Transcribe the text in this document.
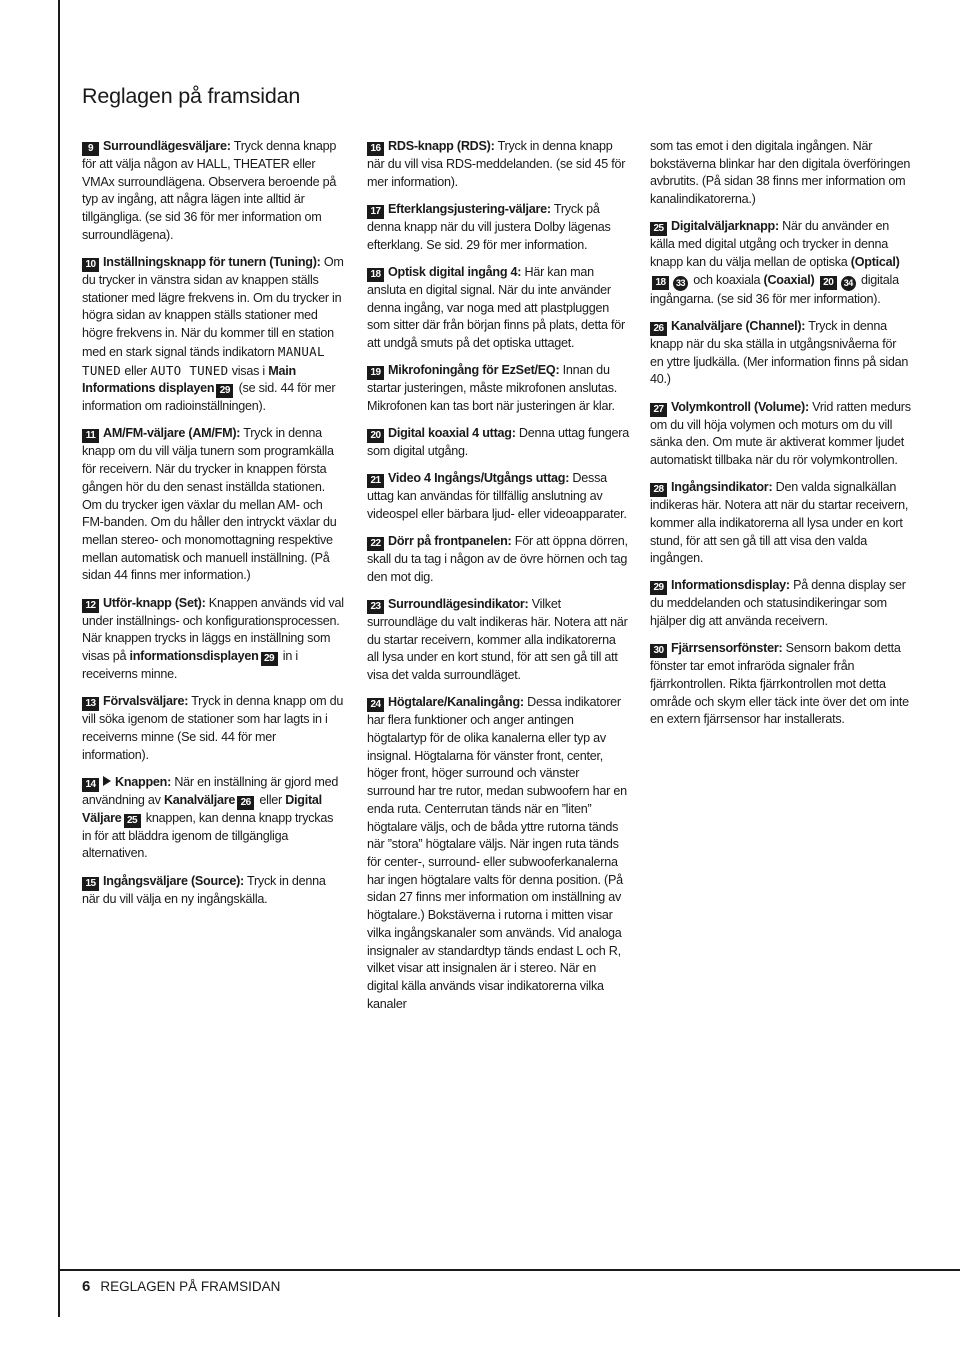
Reglagen på framsidan

9 Surroundlägesväljare: Tryck denna knapp för att välja någon av HALL, THEATER eller VMAx surroundlägena. Observera beroende på typ av ingång, att några lägen inte alltid är tillgängliga. (se sid 36 för mer information om surroundlägena).

10 Inställningsknapp för tunern (Tuning): Om du trycker in vänstra sidan av knappen ställs stationer med lägre frekvens in. Om du trycker in högra sidan av knappen ställs stationer med högre frekvens in. När du kommer till en station med en stark signal tänds indikatorn MANUAL TUNED eller AUTO TUNED visas i Main Informations displayen 29 (se sid. 44 för mer information om radioinställningen).

11 AM/FM-väljare (AM/FM): Tryck in denna knapp om du vill välja tunern som programkälla för receivern. När du trycker in knappen första gången hör du den senast inställda stationen. Om du trycker igen växlar du mellan AM- och FM-banden. Om du håller den intryckt växlar du mellan stereo- och monomottagning respektive mellan automatisk och manuell inställning. (På sidan 44 finns mer information.)

12 Utför-knapp (Set): Knappen används vid val under inställnings- och konfigurationsprocessen. När knappen trycks in läggs en inställning som visas på informationsdisplayen 29 in i receiverns minne.

13 Förvalsväljare: Tryck in denna knapp om du vill söka igenom de stationer som har lagts in i receiverns minne (Se sid. 44 för mer information).

14 Knappen: När en inställning är gjord med användning av Kanalväljare 26 eller Digital Väljare 25 knappen, kan denna knapp tryckas in för att bläddra igenom de tillgängliga alternativen.

15 Ingångsväljare (Source): Tryck in denna när du vill välja en ny ingångskälla.

16 RDS-knapp (RDS): Tryck in denna knapp när du vill visa RDS-meddelanden. (se sid 45 för mer information).

17 Efterklangsjustering-väljare: Tryck på denna knapp när du vill justera Dolby lägenas efterklang. Se sid. 29 för mer information.

18 Optisk digital ingång 4: Här kan man ansluta en digital signal. När du inte använder denna ingång, var noga med att plastpluggen som sitter där från början finns på plats, detta för att undgå smuts på det optiska uttaget.

19 Mikrofoningång för EzSet/EQ: Innan du startar justeringen, måste mikrofonen anslutas. Mikrofonen kan tas bort när justeringen är klar.

20 Digital koaxial 4 uttag: Denna uttag fungera som digital utgång.

21 Video 4 Ingångs/Utgångs uttag: Dessa uttag kan användas för tillfällig anslutning av videospel eller bärbara ljud- eller videoapparater.

22 Dörr på frontpanelen: För att öppna dörren, skall du ta tag i någon av de övre hörnen och tag den mot dig.

23 Surroundlägesindikator: Vilket surroundläge du valt indikeras här. Notera att när du startar receivern, kommer alla indikatorerna all lysa under en kort stund, för att sen gå till att visa det valda surroundläget.

24 Högtalare/Kanalingång: Dessa indikatorer har flera funktioner och anger antingen högtalartyp för de olika kanalerna eller typ av insignal. Högtalarna för vänster front, center, höger front, höger surround och vänster surround har tre rutor, medan subwoofern har en enda ruta. Centerrutan tänds när en ”liten” högtalare väljs, och de båda yttre rutorna tänds när ”stora” högtalare väljs. När ingen ruta tänds för center-, surround- eller subwooferkanalerna har ingen högtalare valts för denna position. (På sidan 27 finns mer information om inställning av högtalare.) Bokstäverna i rutorna i mitten visar vilka ingångskanaler som används. Vid analoga insignaler av standardtyp tänds endast L och R, vilket visar att insignalen är i stereo. När en digital källa används visar indikatorerna vilka kanaler

som tas emot i den digitala ingången. När bokstäverna blinkar har den digitala överföringen avbrutits. (På sidan 38 finns mer information om kanalindikatorerna.)

25 Digitalväljarknapp: När du använder en källa med digital utgång och trycker in denna knapp kan du välja mellan de optiska (Optical) 18 33 och koaxiala (Coaxial) 20 34 digitala ingångarna. (se sid 36 för mer information).

26 Kanalväljare (Channel): Tryck in denna knapp när du ska ställa in utgångsnivåerna för en yttre ljudkälla. (Mer information finns på sidan 40.)

27 Volymkontroll (Volume): Vrid ratten medurs om du vill höja volymen och moturs om du vill sänka den. Om mute är aktiverat kommer ljudet automatiskt tillbaka när du rör volymkontrollen.

28 Ingångsindikator: Den valda signalkällan indikeras här. Notera att när du startar receivern, kommer alla indikatorerna all lysa under en kort stund, för att sen gå till att visa den valda ingången.

29 Informationsdisplay: På denna display ser du meddelanden och statusindikeringar som hjälper dig att använda receivern.

30 Fjärrsensorfönster: Sensorn bakom detta fönster tar emot infraröda signaler från fjärrkontrollen. Rikta fjärrkontrollen mot detta område och skym eller täck inte över det om inte en extern fjärrsensor har installerats.

6 REGLAGEN PÅ FRAMSIDAN
